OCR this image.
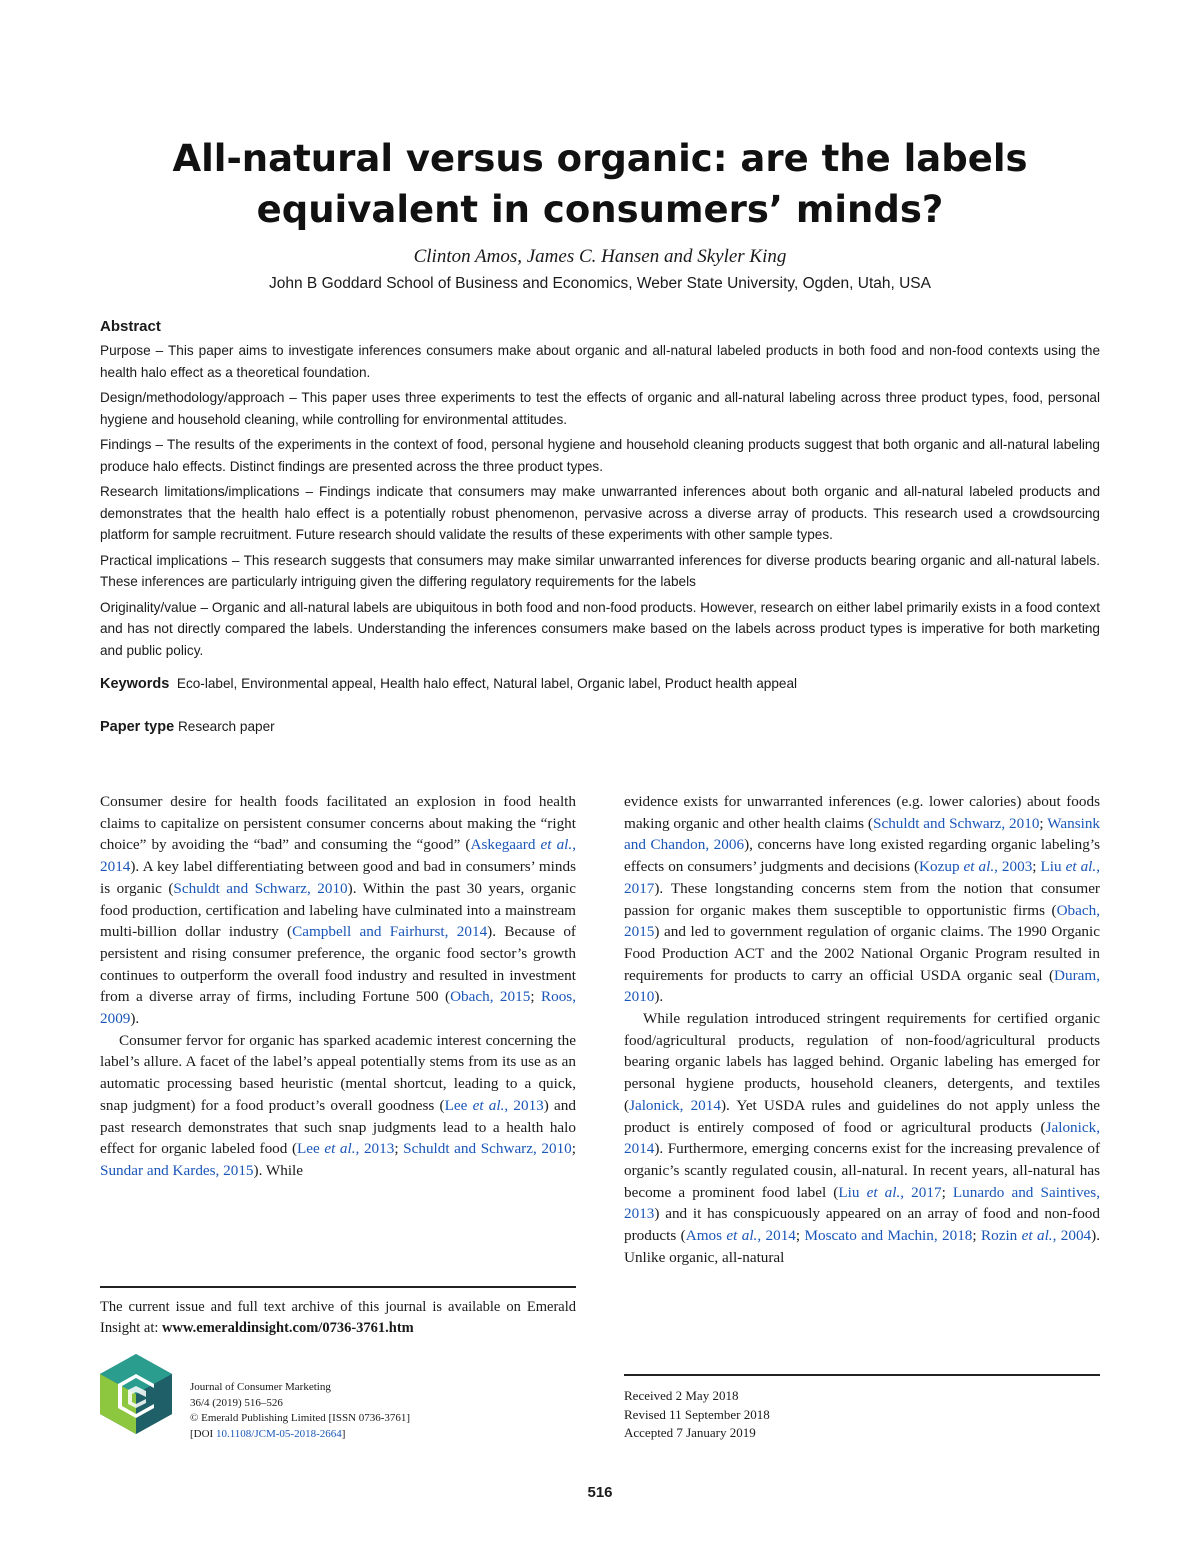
All-natural versus organic: are the labels
equivalent in consumers’ minds?
Clinton Amos, James C. Hansen and Skyler King
John B Goddard School of Business and Economics, Weber State University, Ogden, Utah, USA
Abstract

Purpose – This paper aims to investigate inferences consumers make about organic and all-natural labeled products in both food and non-food contexts using the health halo effect as a theoretical foundation.

Design/methodology/approach – This paper uses three experiments to test the effects of organic and all-natural labeling across three product types, food, personal hygiene and household cleaning, while controlling for environmental attitudes.

Findings – The results of the experiments in the context of food, personal hygiene and household cleaning products suggest that both organic and all-natural labeling produce halo effects. Distinct findings are presented across the three product types.

Research limitations/implications – Findings indicate that consumers may make unwarranted inferences about both organic and all-natural labeled products and demonstrates that the health halo effect is a potentially robust phenomenon, pervasive across a diverse array of products. This research used a crowdsourcing platform for sample recruitment. Future research should validate the results of these experiments with other sample types.

Practical implications – This research suggests that consumers may make similar unwarranted inferences for diverse products bearing organic and all-natural labels. These inferences are particularly intriguing given the differing regulatory requirements for the labels

Originality/value – Organic and all-natural labels are ubiquitous in both food and non-food products. However, research on either label primarily exists in a food context and has not directly compared the labels. Understanding the inferences consumers make based on the labels across product types is imperative for both marketing and public policy.

Keywords Eco-label, Environmental appeal, Health halo effect, Natural label, Organic label, Product health appeal
Paper type Research paper

Consumer desire for health foods facilitated an explosion in food health claims to capitalize on persistent consumer concerns about making the “right choice” by avoiding the “bad” and consuming the “good” (Askegaard et al., 2014). A key label differentiating between good and bad in consumers’ minds is organic (Schuldt and Schwarz, 2010). Within the past 30 years, organic food production, certification and labeling have culminated into a mainstream multi-billion dollar industry (Campbell and Fairhurst, 2014). Because of persistent and rising consumer preference, the organic food sector’s growth continues to outperform the overall food industry and resulted in investment from a diverse array of firms, including Fortune 500 (Obach, 2015; Roos, 2009).

Consumer fervor for organic has sparked academic interest concerning the label’s allure. A facet of the label’s appeal potentially stems from its use as an automatic processing based heuristic (mental shortcut, leading to a quick, snap judgment) for a food product’s overall goodness (Lee et al., 2013) and past research demonstrates that such snap judgments lead to a health halo effect for organic labeled food (Lee et al., 2013; Schuldt and Schwarz, 2010; Sundar and Kardes, 2015). While

evidence exists for unwarranted inferences (e.g. lower calories) about foods making organic and other health claims (Schuldt and Schwarz, 2010; Wansink and Chandon, 2006), concerns have long existed regarding organic labeling’s effects on consumers’ judgments and decisions (Kozup et al., 2003; Liu et al., 2017). These longstanding concerns stem from the notion that consumer passion for organic makes them susceptible to opportunistic firms (Obach, 2015) and led to government regulation of organic claims. The 1990 Organic Food Production ACT and the 2002 National Organic Program resulted in requirements for products to carry an official USDA organic seal (Duram, 2010).

While regulation introduced stringent requirements for certified organic food/agricultural products, regulation of non-food/agricultural products bearing organic labels has lagged behind. Organic labeling has emerged for personal hygiene products, household cleaners, detergents, and textiles (Jalonick, 2014). Yet USDA rules and guidelines do not apply unless the product is entirely composed of food or agricultural products (Jalonick, 2014). Furthermore, emerging concerns exist for the increasing prevalence of organic’s scantly regulated cousin, all-natural. In recent years, all-natural has become a prominent food label (Liu et al., 2017; Lunardo and Saintives, 2013) and it has conspicuously appeared on an array of food and non-food products (Amos et al., 2014; Moscato and Machin, 2018; Rozin et al., 2004). Unlike organic, all-natural

The current issue and full text archive of this journal is available on Emerald Insight at: www.emeraldinsight.com/0736-3761.htm
Journal of Consumer Marketing
36/4 (2019) 516–526
© Emerald Publishing Limited [ISSN 0736-3761]
[DOI 10.1108/JCM-05-2018-2664]
Received 2 May 2018
Revised 11 September 2018
Accepted 7 January 2019
516
